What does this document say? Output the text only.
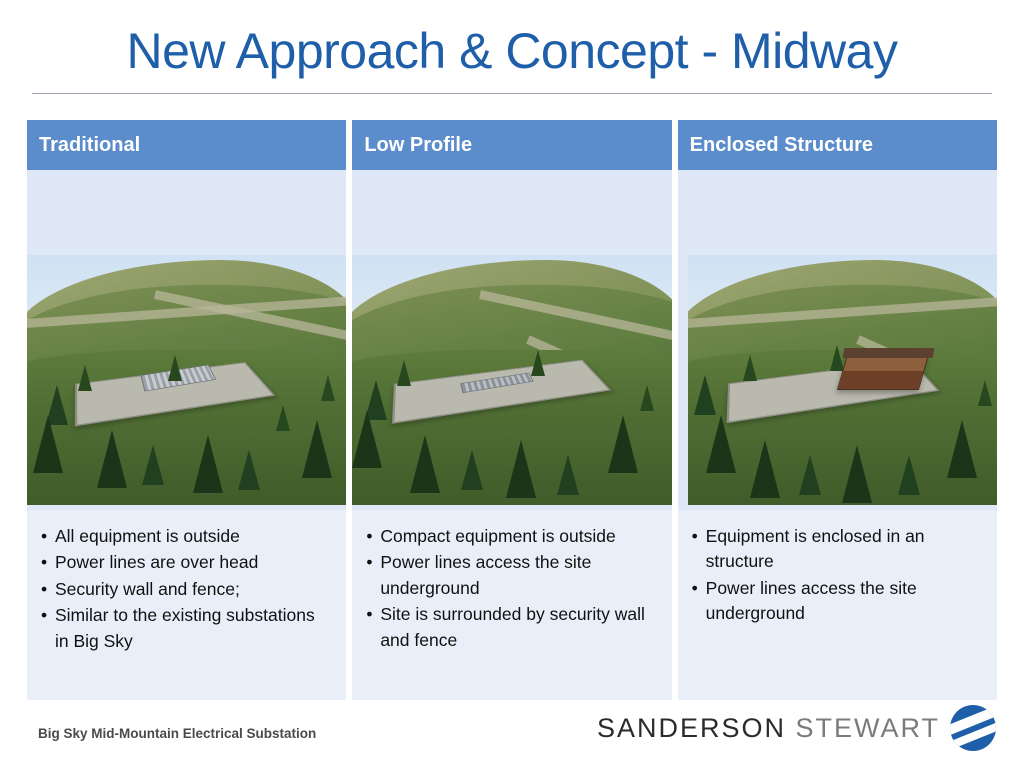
New Approach & Concept - Midway
Traditional
• All equipment is outside
• Power lines are over head
• Security wall and fence;
• Similar to the existing substations in Big Sky
Low Profile
• Compact equipment is outside
• Power lines access the site underground
• Site is surrounded by security wall and fence
Enclosed Structure
• Equipment is enclosed in an structure
• Power lines access the site underground
Big Sky Mid-Mountain Electrical Substation	SANDERSON STEWART
